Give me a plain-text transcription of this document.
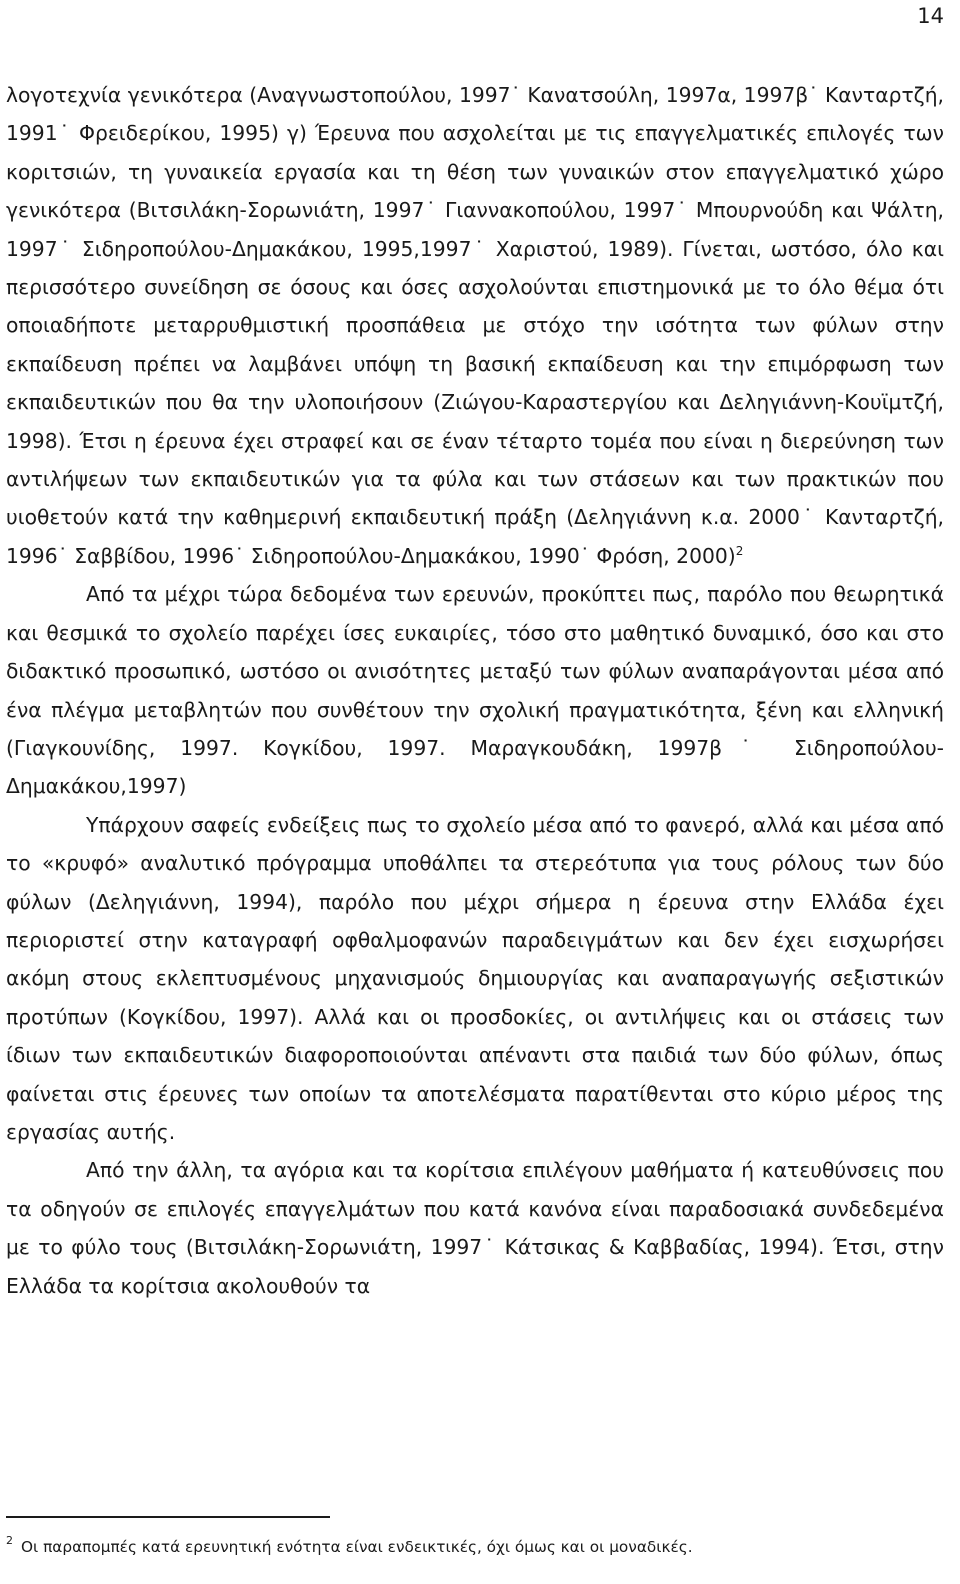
14

λογοτεχνία γενικότερα (Αναγνωστοπούλου, 1997˙ Κανατσούλη, 1997α, 1997β˙ Κανταρτζή, 1991˙ Φρειδερίκου, 1995) γ) Έρευνα που ασχολείται με τις επαγγελματικές επιλογές των κοριτσιών, τη γυναικεία εργασία και τη θέση των γυναικών στον επαγγελματικό χώρο γενικότερα (Βιτσιλάκη-Σορωνιάτη, 1997˙ Γιαννακοπούλου, 1997˙ Μπουρνούδη και Ψάλτη, 1997˙ Σιδηροπούλου-Δημακάκου, 1995,1997˙ Χαριστού, 1989). Γίνεται, ωστόσο, όλο και περισσότερο συνείδηση σε όσους και όσες ασχολούνται επιστημονικά με το όλο θέμα ότι οποιαδήποτε μεταρρυθμιστική προσπάθεια με στόχο την ισότητα των φύλων στην εκπαίδευση πρέπει να λαμβάνει υπόψη τη βασική εκπαίδευση και την επιμόρφωση των εκπαιδευτικών που θα την υλοποιήσουν (Ζιώγου-Καραστεργίου και Δεληγιάννη-Κουϊμτζή, 1998). Έτσι η έρευνα έχει στραφεί και σε έναν τέταρτο τομέα που είναι η διερεύνηση των αντιλήψεων των εκπαιδευτικών για τα φύλα και των στάσεων και των πρακτικών που υιοθετούν κατά την καθημερινή εκπαιδευτική πράξη (Δεληγιάννη κ.α. 2000˙ Κανταρτζή, 1996˙ Σαββίδου, 1996˙ Σιδηροπούλου-Δημακάκου, 1990˙ Φρόση, 2000)$^2$

Από τα μέχρι τώρα δεδομένα των ερευνών, προκύπτει πως, παρόλο που θεωρητικά και θεσμικά το σχολείο παρέχει ίσες ευκαιρίες, τόσο στο μαθητικό δυναμικό, όσο και στο διδακτικό προσωπικό, ωστόσο οι ανισότητες μεταξύ των φύλων αναπαράγονται μέσα από ένα πλέγμα μεταβλητών που συνθέτουν την σχολική πραγματικότητα, ξένη και ελληνική (Γιαγκουνίδης, 1997. Κογκίδου, 1997. Μαραγκουδάκη, 1997β˙ Σιδηροπούλου-Δημακάκου,1997)

Υπάρχουν σαφείς ενδείξεις πως το σχολείο μέσα από το φανερό, αλλά και μέσα από το «κρυφό» αναλυτικό πρόγραμμα υποθάλπει τα στερεότυπα για τους ρόλους των δύο φύλων (Δεληγιάννη, 1994), παρόλο που μέχρι σήμερα η έρευνα στην Ελλάδα έχει περιοριστεί στην καταγραφή οφθαλμοφανών παραδειγμάτων και δεν έχει εισχωρήσει ακόμη στους εκλεπτυσμένους μηχανισμούς δημιουργίας και αναπαραγωγής σεξιστικών προτύπων (Κογκίδου, 1997). Αλλά και οι προσδοκίες, οι αντιλήψεις και οι στάσεις των ίδιων των εκπαιδευτικών διαφοροποιούνται απέναντι στα παιδιά των δύο φύλων, όπως φαίνεται στις έρευνες των οποίων τα αποτελέσματα παρατίθενται στο κύριο μέρος της εργασίας αυτής.

Από την άλλη, τα αγόρια και τα κορίτσια επιλέγουν μαθήματα ή κατευθύνσεις που τα οδηγούν σε επιλογές επαγγελμάτων που κατά κανόνα είναι παραδοσιακά συνδεδεμένα με το φύλο τους (Βιτσιλάκη-Σορωνιάτη, 1997˙ Κάτσικας & Καββαδίας, 1994). Έτσι, στην Ελλάδα τα κορίτσια ακολουθούν τα

$^2$ Οι παραπομπές κατά ερευνητική ενότητα είναι ενδεικτικές, όχι όμως και οι μοναδικές.
